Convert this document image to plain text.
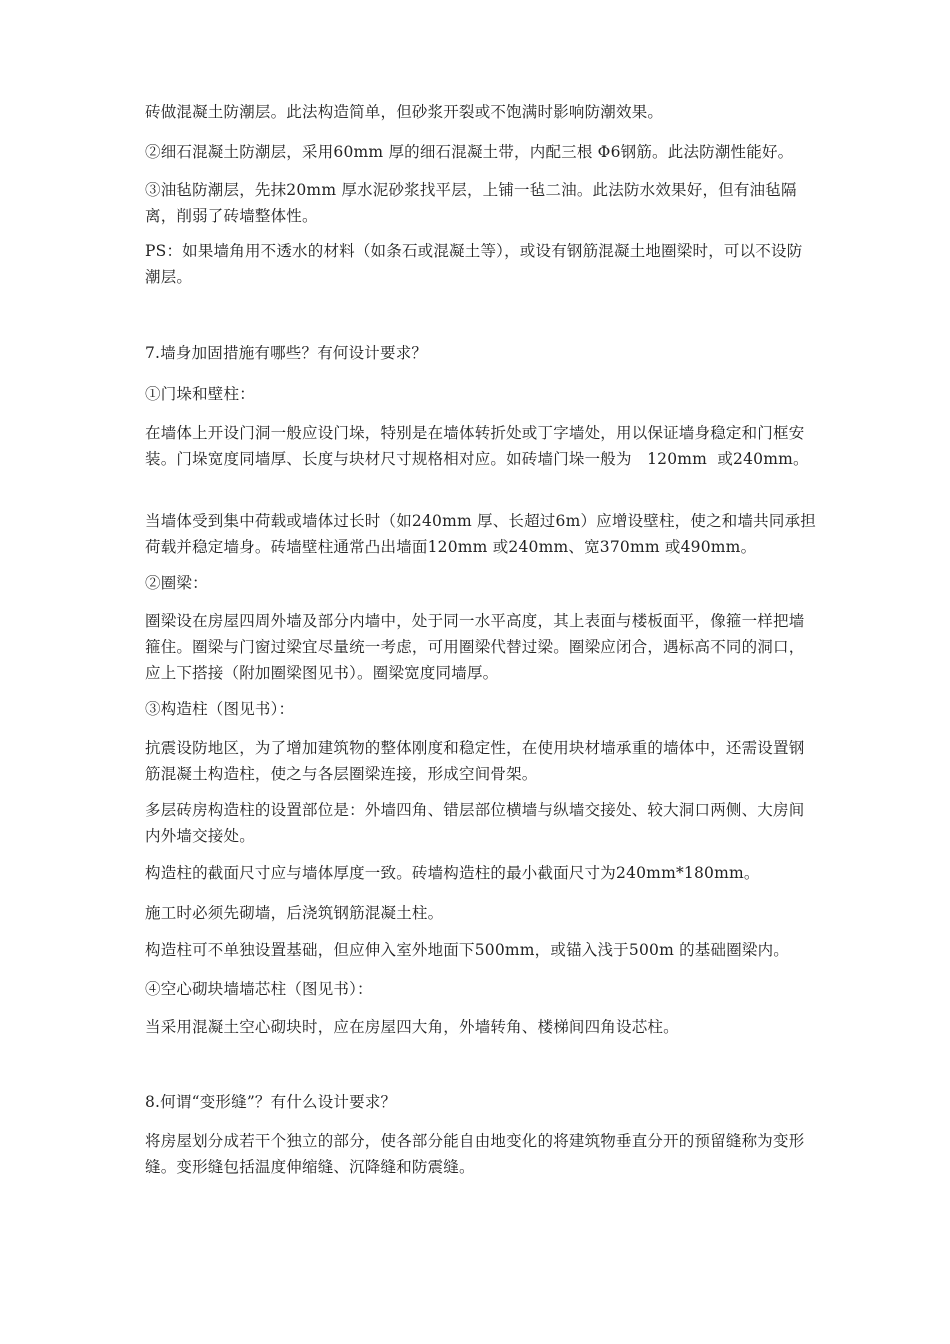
砖做混凝土防潮层。此法构造简单，但砂浆开裂或不饱满时影响防潮效果。

②细石混凝土防潮层，采用60mm 厚的细石混凝土带，内配三根 Φ6钢筋。此法防潮性能好。

③油毡防潮层，先抹20mm 厚水泥砂浆找平层，上铺一毡二油。此法防水效果好，但有油毡隔离，削弱了砖墙整体性。

PS：如果墙角用不透水的材料（如条石或混凝土等），或设有钢筋混凝土地圈梁时，可以不设防潮层。

7.墙身加固措施有哪些？有何设计要求？

①门垛和壁柱：

在墙体上开设门洞一般应设门垛，特别是在墙体转折处或丁字墙处，用以保证墙身稳定和门框安装。门垛宽度同墙厚、长度与块材尺寸规格相对应。如砖墙门垛一般为   120mm  或240mm。

当墙体受到集中荷载或墙体过长时（如240mm 厚、长超过6m）应增设壁柱，使之和墙共同承担荷载并稳定墙身。砖墙壁柱通常凸出墙面120mm 或240mm、宽370mm 或490mm。

②圈梁：

圈梁设在房屋四周外墙及部分内墙中，处于同一水平高度，其上表面与楼板面平，像箍一样把墙箍住。圈梁与门窗过梁宜尽量统一考虑，可用圈梁代替过梁。圈梁应闭合，遇标高不同的洞口，应上下搭接（附加圈梁图见书）。圈梁宽度同墙厚。

③构造柱（图见书）：

抗震设防地区，为了增加建筑物的整体刚度和稳定性，在使用块材墙承重的墙体中，还需设置钢筋混凝土构造柱，使之与各层圈梁连接，形成空间骨架。

多层砖房构造柱的设置部位是：外墙四角、错层部位横墙与纵墙交接处、较大洞口两侧、大房间内外墙交接处。

构造柱的截面尺寸应与墙体厚度一致。砖墙构造柱的最小截面尺寸为240mm*180mm。

施工时必须先砌墙，后浇筑钢筋混凝土柱。

构造柱可不单独设置基础，但应伸入室外地面下500mm，或锚入浅于500m 的基础圈梁内。

④空心砌块墙墙芯柱（图见书）：

当采用混凝土空心砌块时，应在房屋四大角，外墙转角、楼梯间四角设芯柱。

8.何谓“变形缝”？有什么设计要求？

将房屋划分成若干个独立的部分，使各部分能自由地变化的将建筑物垂直分开的预留缝称为变形缝。变形缝包括温度伸缩缝、沉降缝和防震缝。
